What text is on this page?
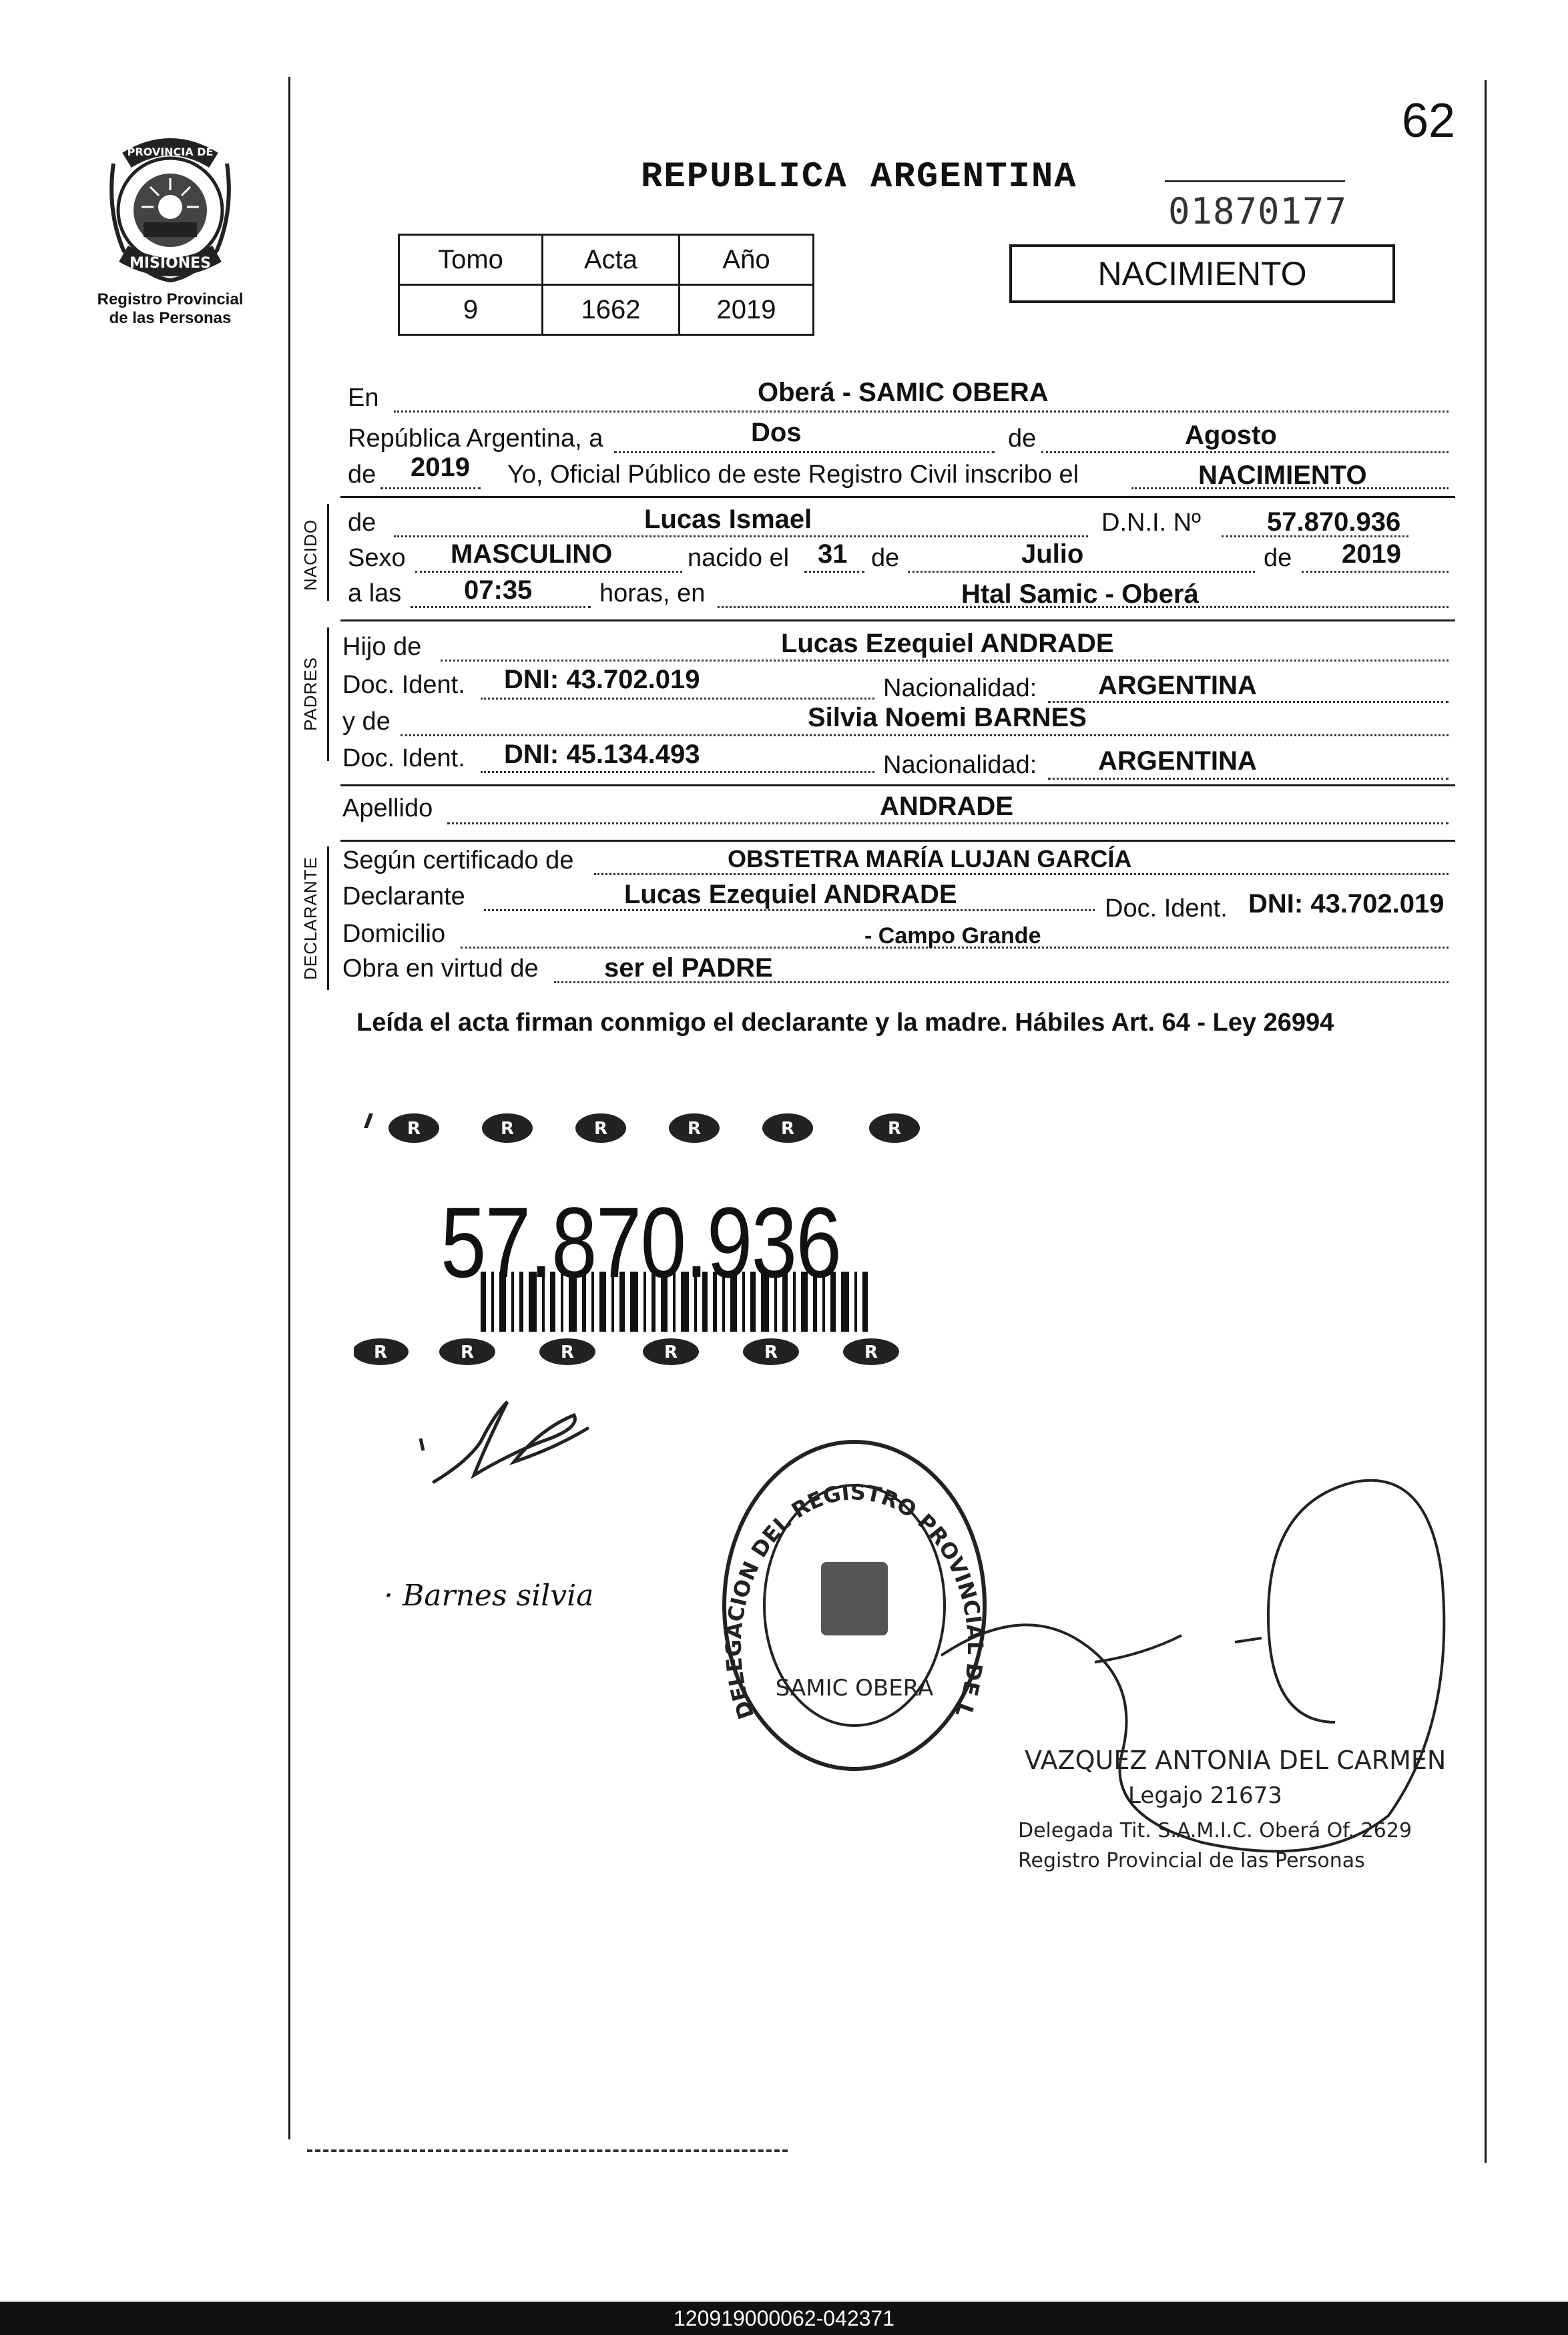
62
PROVINCIA DE
MISIONES
Registro Provincial
de las Personas
REPUBLICA ARGENTINA
01870177
Tomo	Acta	Año
9	1662	2019
NACIMIENTO
En	Oberá - SAMIC OBERA
República Argentina, a	Dos	de	Agosto
de 2019 Yo, Oficial Público de este Registro Civil inscribo el	NACIMIENTO
NACIDO de	Lucas Ismael	D.N.I. Nº 57.870.936
Sexo MASCULINO	nacido el 31 de	Julio	de 2019
a las 07:35	horas, en	Htal Samic - Oberá
PADRES
Hijo de	Lucas Ezequiel ANDRADE
Doc. Ident. DNI: 43.702.019	Nacionalidad: ARGENTINA
y de	Silvia Noemi BARNES
Doc. Ident. DNI: 45.134.493	Nacionalidad: ARGENTINA
Apellido	ANDRADE
DECLARANTE Según certificado de	OBSTETRA MARÍA LUJAN GARCÍA
Declarante	Lucas Ezequiel ANDRADE	Doc. Ident. DNI: 43.702.019
Domicilio	- Campo Grande
Obra en virtud de ser el PADRE
Leída el acta firman conmigo el declarante y la madre. Hábiles Art. 64 - Ley 26994
R	R	R	R	R	R
R	R	R	R	R	R
57.870.936
· Barnes silvia
DELEGACION DEL REGISTRO PROVINCIAL DE L
SAMIC OBERA
VAZQUEZ ANTONIA DEL CARMEN
Legajo 21673
Delegada Tit. S.A.M.I.C. Oberá Of. 2629
Registro Provincial de las Personas
120919000062-042371
